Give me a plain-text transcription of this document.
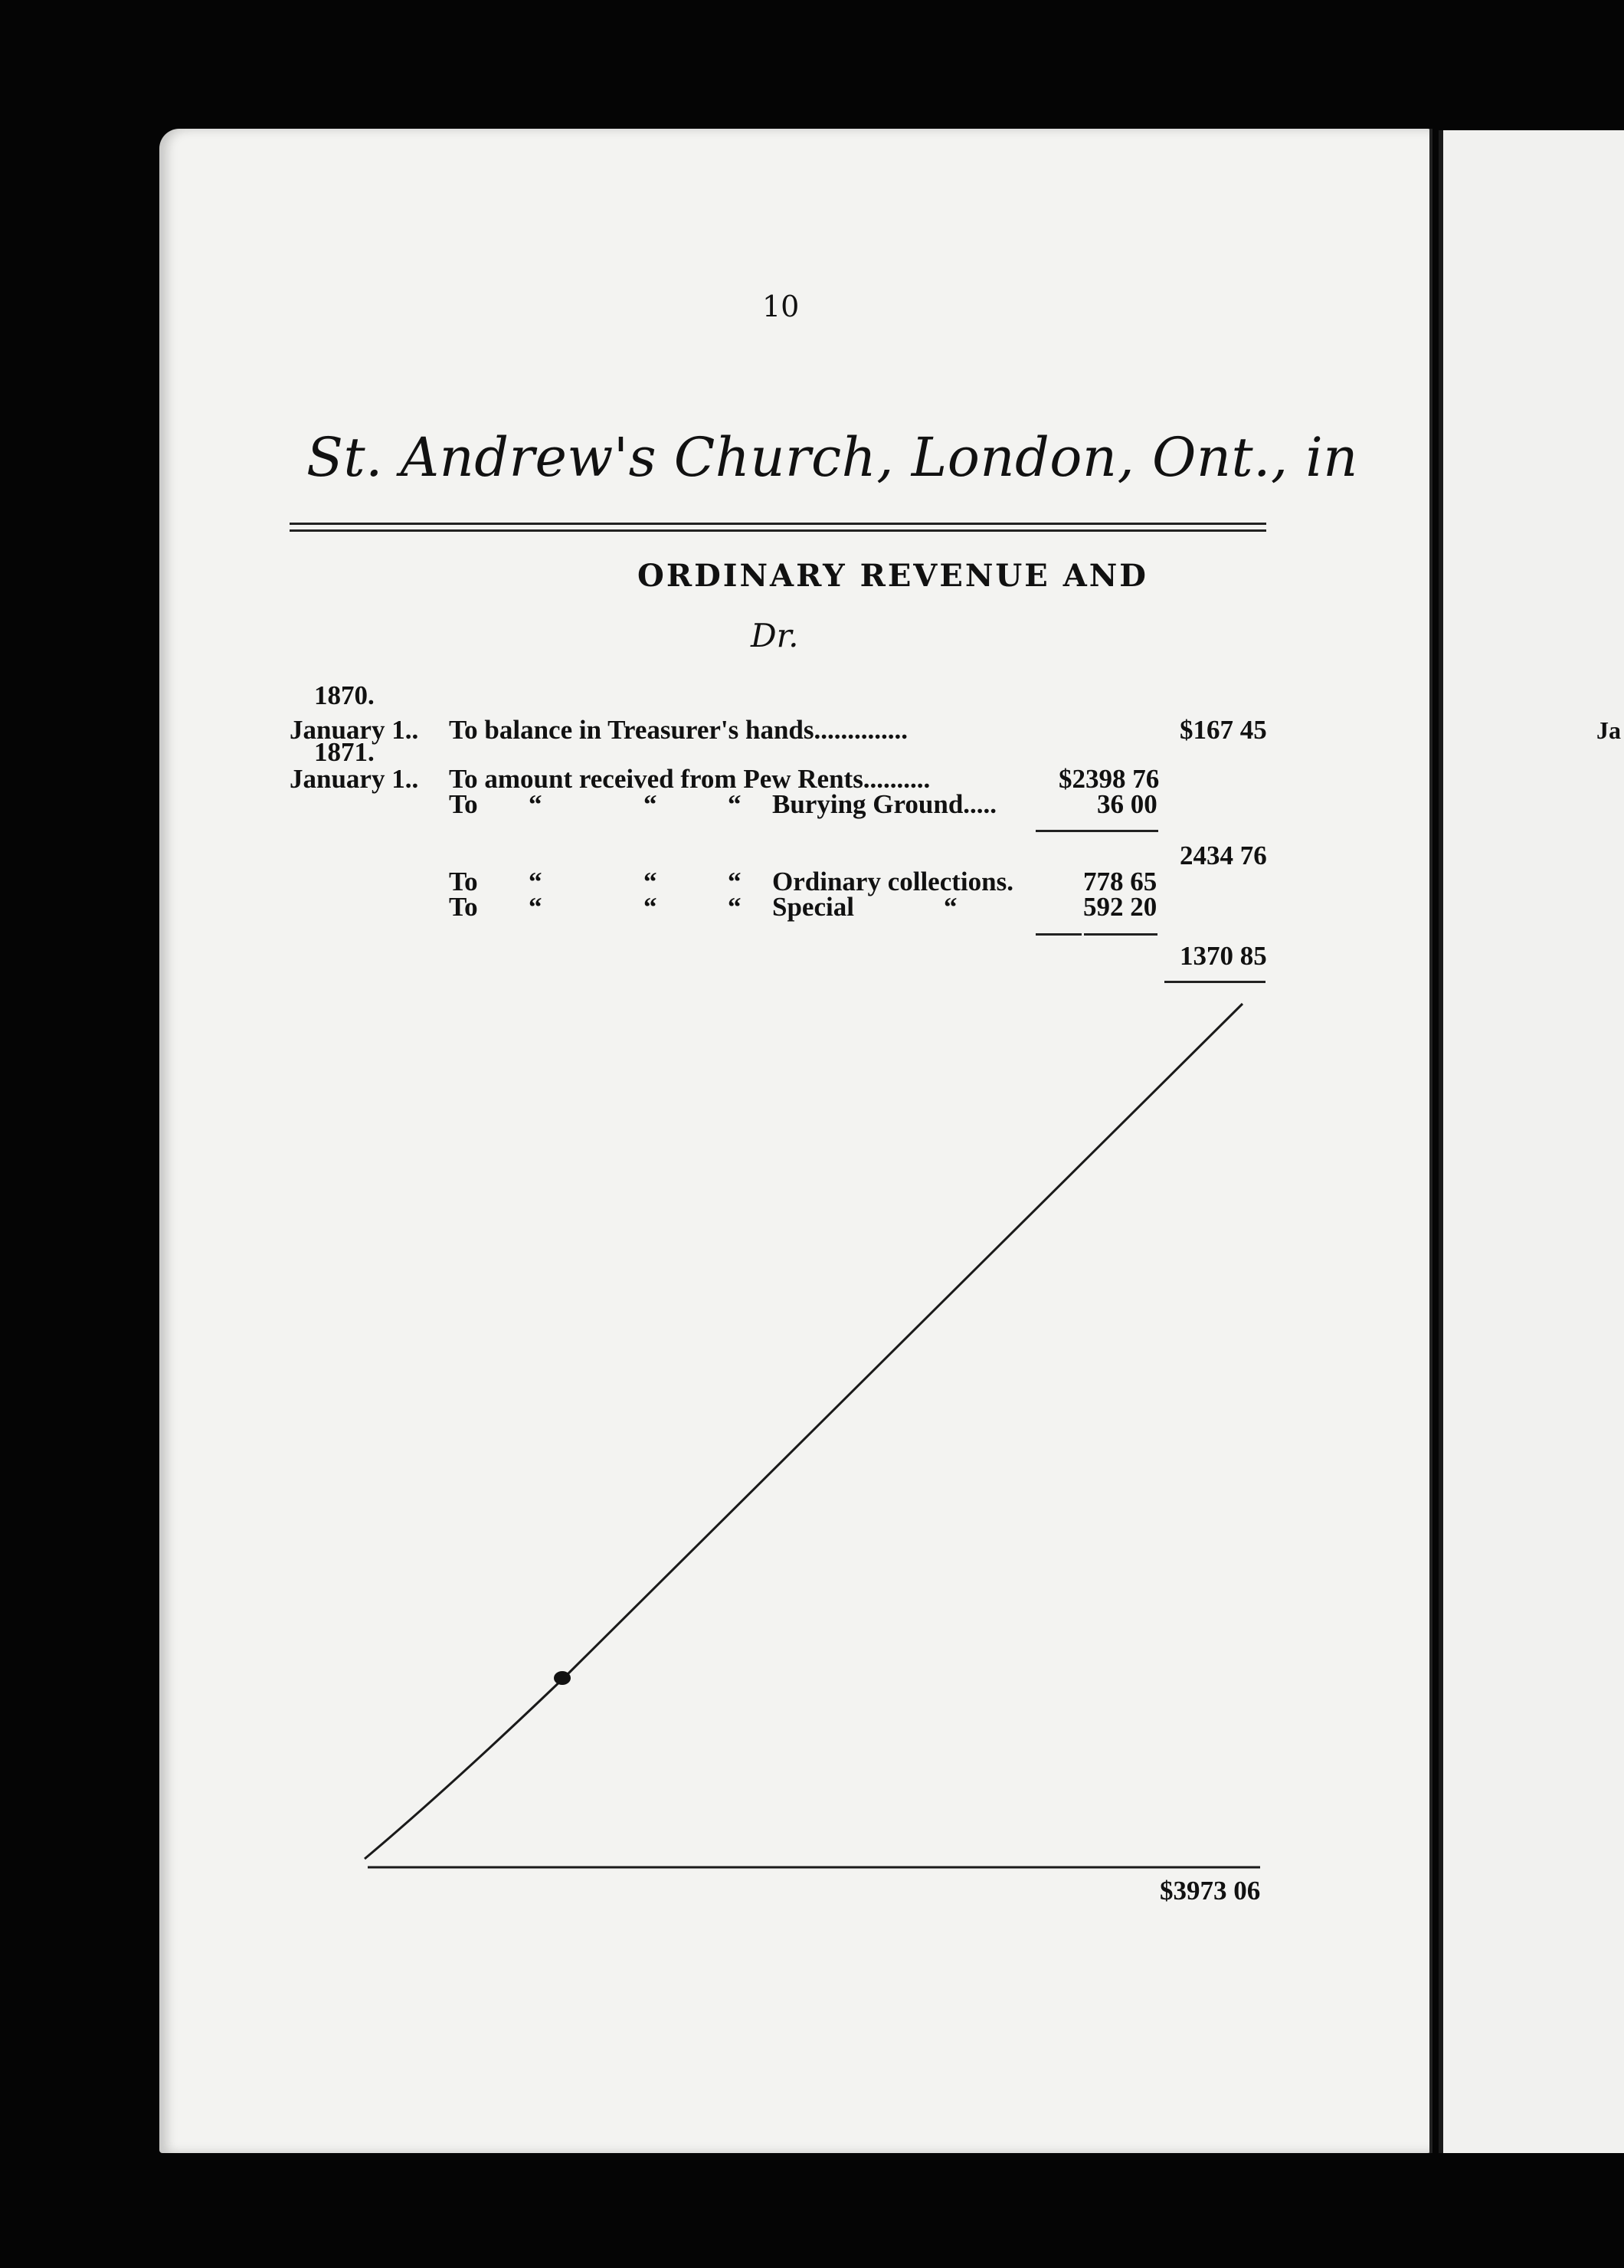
10
St. Andrew's Church, London, Ont., in
ORDINARY REVENUE AND
Dr.
1870.
January 1.. To balance in Treasurer's hands..............	$167 45
1871.
January 1.. To amount received from Pew Rents..........	$2398 76
To “	“	“ Burying Ground.....	36 00
2434 76
To “	“	“ Ordinary collections.	778 65
To “	“	“ Special	“	592 20
1370 85
$3973 06
Ja
